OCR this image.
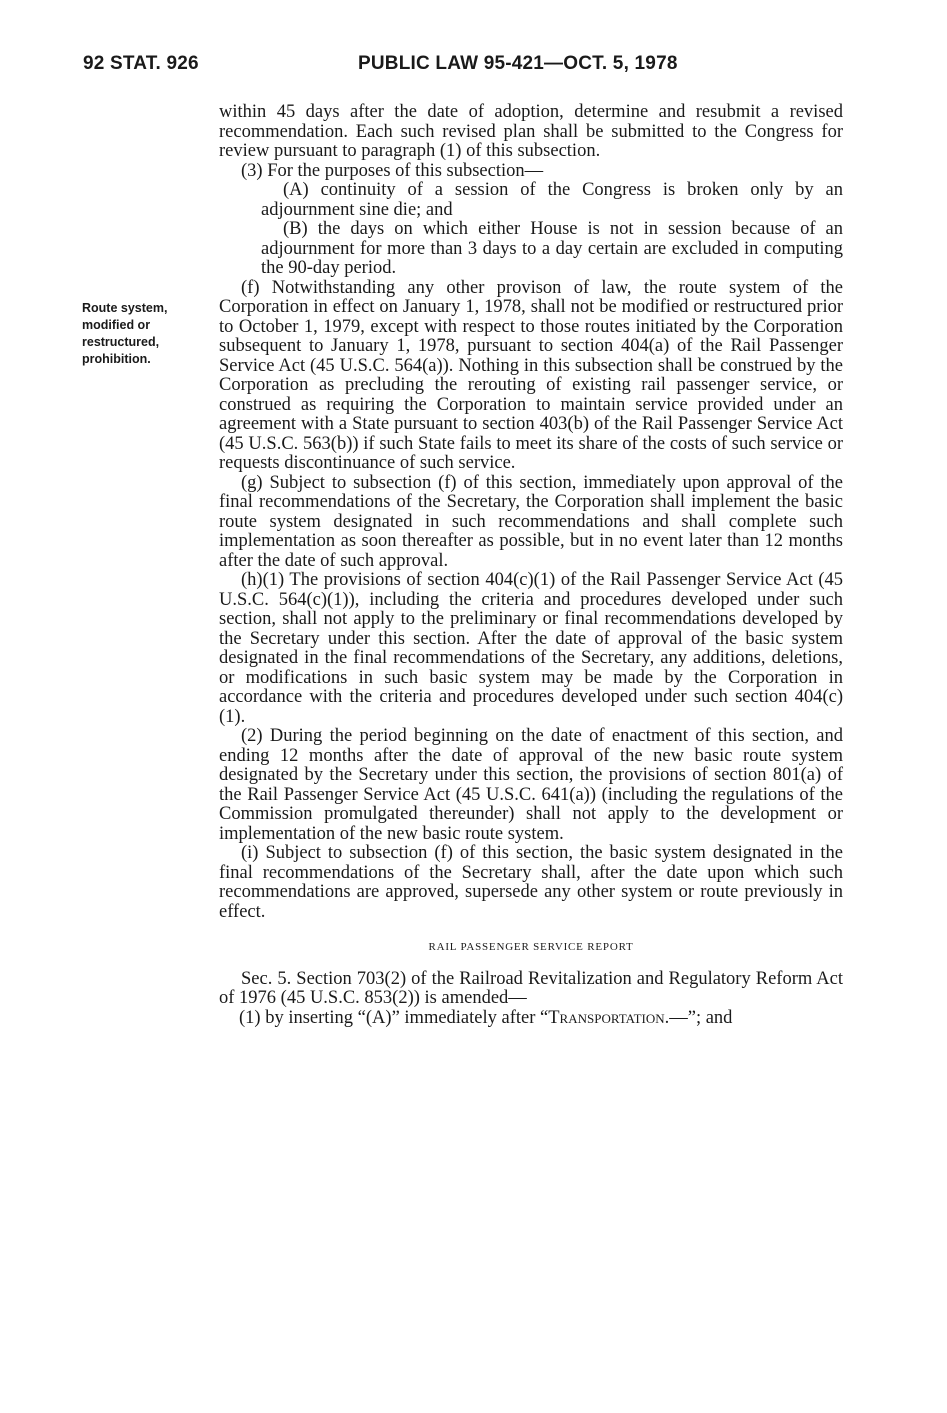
92 STAT. 926	PUBLIC LAW 95-421—OCT. 5, 1978
Route system,
modified or
restructured,
prohibition.

within 45 days after the date of adoption, determine and resubmit a revised recommendation. Each such revised plan shall be submitted to the Congress for review pursuant to paragraph (1) of this subsection.

(3) For the purposes of this subsection—

(A) continuity of a session of the Congress is broken only by an adjournment sine die; and

(B) the days on which either House is not in session because of an adjournment for more than 3 days to a day certain are excluded in computing the 90-day period.

(f) Notwithstanding any other provison of law, the route system of the Corporation in effect on January 1, 1978, shall not be modified or restructured prior to October 1, 1979, except with respect to those routes initiated by the Corporation subsequent to January 1, 1978, pursuant to section 404(a) of the Rail Passenger Service Act (45 U.S.C. 564(a)). Nothing in this subsection shall be construed by the Corporation as precluding the rerouting of existing rail passenger service, or construed as requiring the Corporation to maintain service provided under an agreement with a State pursuant to section 403(b) of the Rail Passenger Service Act (45 U.S.C. 563(b)) if such State fails to meet its share of the costs of such service or requests discontinuance of such service.

(g) Subject to subsection (f) of this section, immediately upon approval of the final recommendations of the Secretary, the Corporation shall implement the basic route system designated in such recommendations and shall complete such implementation as soon thereafter as possible, but in no event later than 12 months after the date of such approval.

(h)(1) The provisions of section 404(c)(1) of the Rail Passenger Service Act (45 U.S.C. 564(c)(1)), including the criteria and procedures developed under such section, shall not apply to the preliminary or final recommendations developed by the Secretary under this section. After the date of approval of the basic system designated in the final recommendations of the Secretary, any additions, deletions, or modifications in such basic system may be made by the Corporation in accordance with the criteria and procedures developed under such section 404(c)(1).

(2) During the period beginning on the date of enactment of this section, and ending 12 months after the date of approval of the new basic route system designated by the Secretary under this section, the provisions of section 801(a) of the Rail Passenger Service Act (45 U.S.C. 641(a)) (including the regulations of the Commission promulgated thereunder) shall not apply to the development or implementation of the new basic route system.

(i) Subject to subsection (f) of this section, the basic system designated in the final recommendations of the Secretary shall, after the date upon which such recommendations are approved, supersede any other system or route previously in effect.

RAIL PASSENGER SERVICE REPORT

Sec. 5. Section 703(2) of the Railroad Revitalization and Regulatory Reform Act of 1976 (45 U.S.C. 853(2)) is amended—

(1) by inserting “(A)” immediately after “Transportation.—”; and
